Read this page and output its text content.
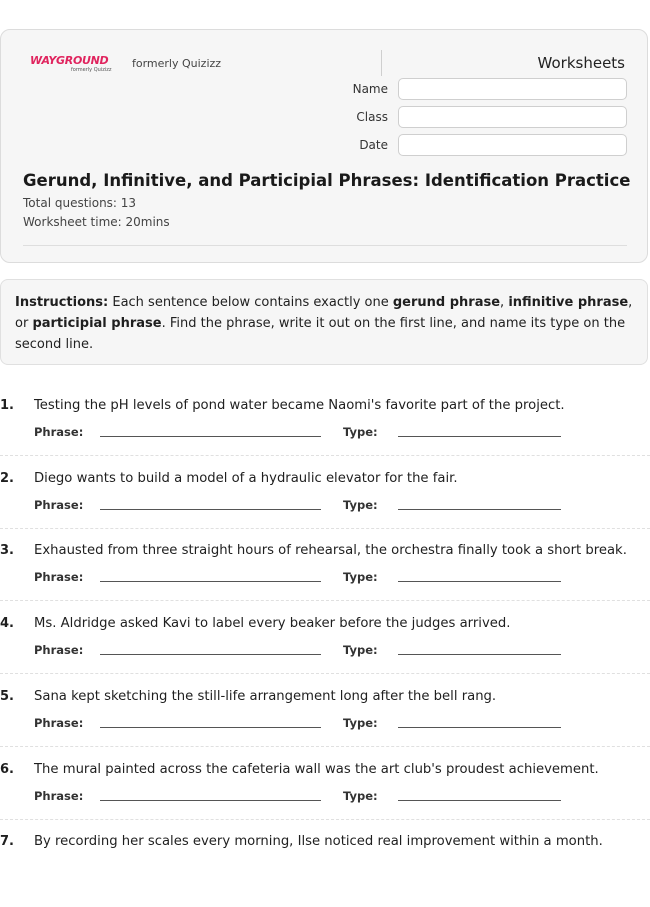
WAYGROUND
formerly Quizizz formerly Quizizz	Worksheets
Name
Class
Date
Gerund, Infinitive, and Participial Phrases: Identification Practice
Total questions: 13
Worksheet time: 20mins
Instructions: Each sentence below contains exactly one gerund phrase, infinitive phrase, or participial phrase. Find the phrase, write it out on the first line, and name its type on the second line.
1. Testing the pH levels of pond water became Naomi's favorite part of the project.
Phrase:	Type:
2. Diego wants to build a model of a hydraulic elevator for the fair.
Phrase:	Type:
3. Exhausted from three straight hours of rehearsal, the orchestra finally took a short break.
Phrase:	Type:
4. Ms. Aldridge asked Kavi to label every beaker before the judges arrived.
Phrase:	Type:
5. Sana kept sketching the still-life arrangement long after the bell rang.
Phrase:	Type:
6. The mural painted across the cafeteria wall was the art club's proudest achievement.
Phrase:	Type:
7. By recording her scales every morning, Ilse noticed real improvement within a month.
